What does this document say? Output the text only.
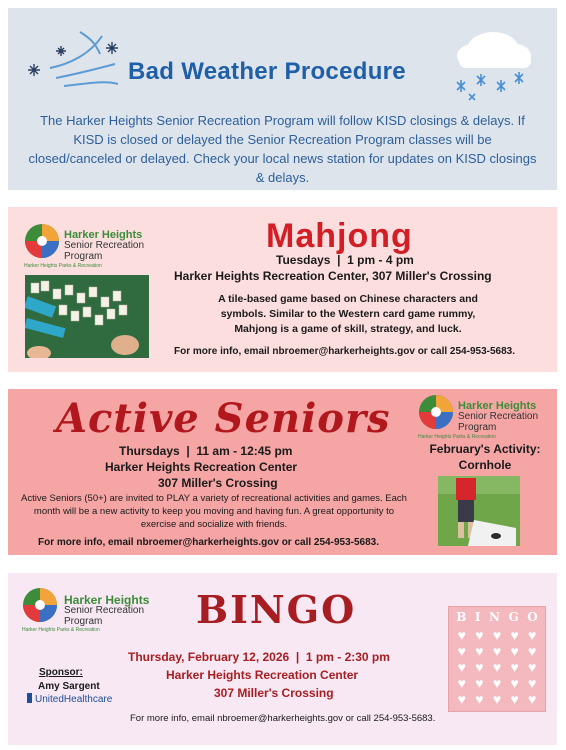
Bad Weather Procedure
The Harker Heights Senior Recreation Program will follow KISD closings & delays. If KISD is closed or delayed the Senior Recreation Program classes will be closed/canceled or delayed. Check your local news station for updates on KISD closings & delays.
Harker Heights
Senior Recreation
Program
Harker Heights Parks & Recreation
Mahjong
Tuesdays  |  1 pm - 4 pm
Harker Heights Recreation Center, 307 Miller's Crossing
A tile-based game based on Chinese characters and symbols. Similar to the Western card game rummy, Mahjong is a game of skill, strategy, and luck.
For more info, email nbroemer@harkerheights.gov or call 254-953-5683.
Active Seniors
Thursdays  |  11 am - 12:45 pm
Harker Heights Recreation Center
307 Miller's Crossing
Active Seniors (50+) are invited to PLAY a variety of recreational activities and games. Each month will be a new activity to keep you moving and having fun. A great opportunity to exercise and socialize with friends.
For more info, email nbroemer@harkerheights.gov or call 254-953-5683.
Harker Heights
Senior Recreation
Program
Harker Heights Parks & Recreation
February's Activity:
Cornhole
Harker Heights
Senior Recreation
Program
Harker Heights Parks & Recreation	BINGO
Thursday, February 12, 2026  |  1 pm - 2:30 pm
Harker Heights Recreation Center
307 Miller's Crossing
Sponsor:
Amy Sargent
UnitedHealthcare
B I N G O
♥ ♥ ♥ ♥ ♥
♥ ♥ ♥ ♥ ♥
♥ ♥ ♥ ♥ ♥
♥ ♥ ♥ ♥ ♥
♥ ♥ ♥ ♥ ♥
For more info, email nbroemer@harkerheights.gov or call 254-953-5683.
